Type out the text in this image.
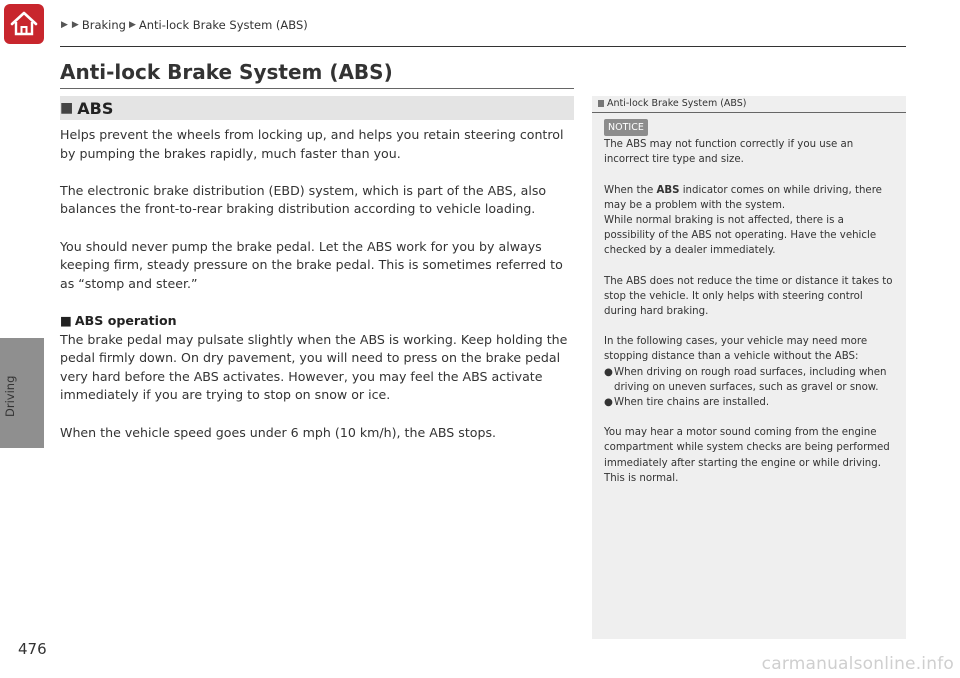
▶ ▶ Braking ▶ Anti-lock Brake System (ABS)
Driving
476
Anti-lock Brake System (ABS)
■ ABS

Helps prevent the wheels from locking up, and helps you retain steering control by pumping the brakes rapidly, much faster than you.

The electronic brake distribution (EBD) system, which is part of the ABS, also balances the front-to-rear braking distribution according to vehicle loading.

You should never pump the brake pedal. Let the ABS work for you by always keeping firm, steady pressure on the brake pedal. This is sometimes referred to as “stomp and steer.”

■ ABS operation

The brake pedal may pulsate slightly when the ABS is working. Keep holding the pedal firmly down. On dry pavement, you will need to press on the brake pedal very hard before the ABS activates. However, you may feel the ABS activate immediately if you are trying to stop on snow or ice.

When the vehicle speed goes under 6 mph (10 km/h), the ABS stops.

Anti-lock Brake System (ABS)
NOTICE

The ABS may not function correctly if you use an incorrect tire type and size.

When the ABS indicator comes on while driving, there may be a problem with the system.

While normal braking is not affected, there is a possibility of the ABS not operating. Have the vehicle checked by a dealer immediately.

The ABS does not reduce the time or distance it takes to stop the vehicle. It only helps with steering control during hard braking.

In the following cases, your vehicle may need more stopping distance than a vehicle without the ABS:

● When driving on rough road surfaces, including when driving on uneven surfaces, such as gravel or snow.
● When tire chains are installed.

You may hear a motor sound coming from the engine compartment while system checks are being performed immediately after starting the engine or while driving. This is normal.

carmanualsonline.info
